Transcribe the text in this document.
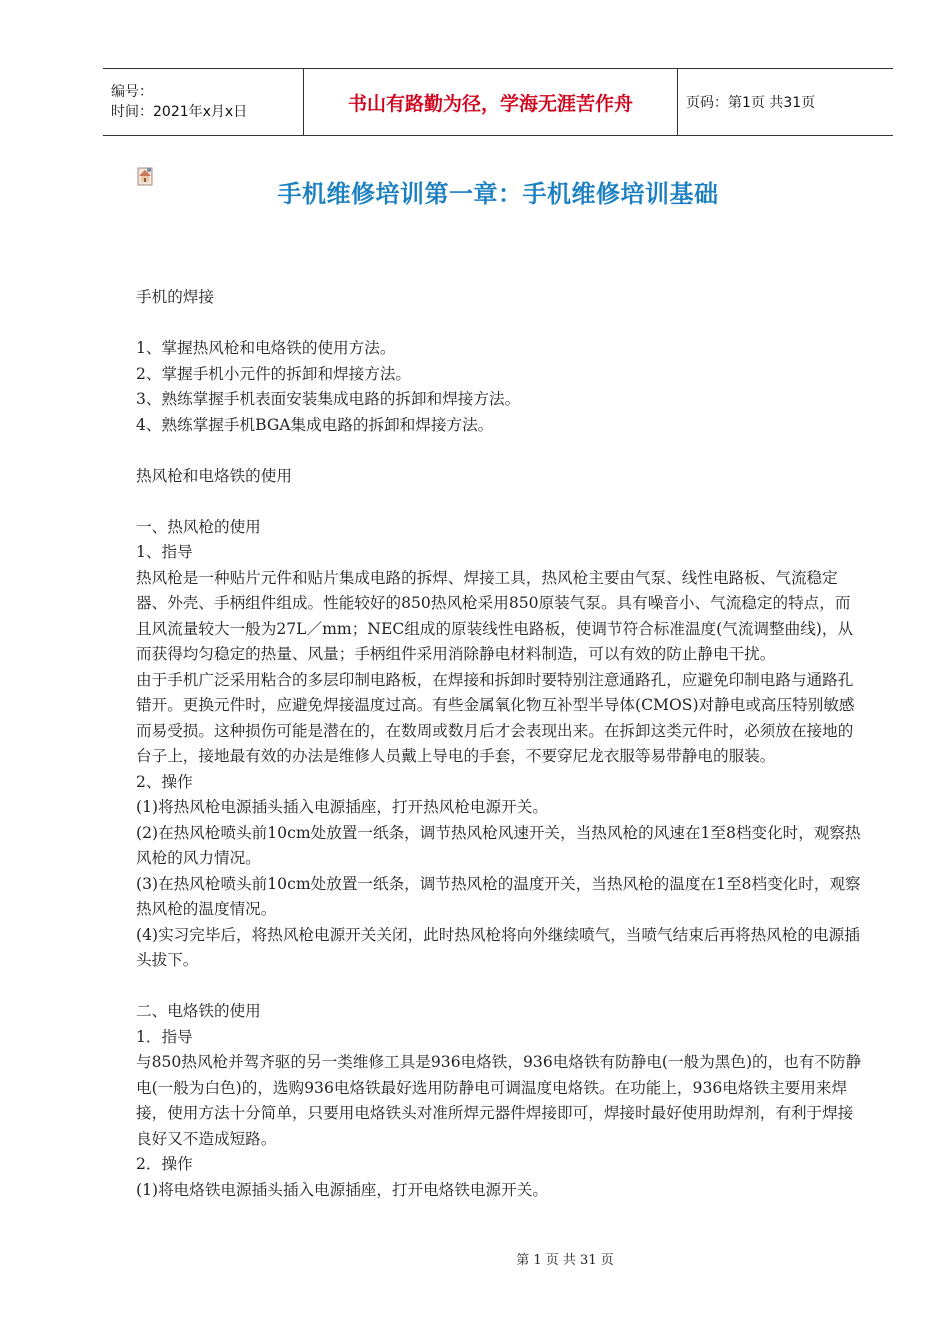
编号：
时间：2021年x月x日	书山有路勤为径，学海无涯苦作舟	页码：第1页 共31页
手机维修培训第一章：手机维修培训基础

手机的焊接

1、掌握热风枪和电烙铁的使用方法。

2、掌握手机小元件的拆卸和焊接方法。

3、熟练掌握手机表面安装集成电路的拆卸和焊接方法。

4、熟练掌握手机BGA集成电路的拆卸和焊接方法。

热风枪和电烙铁的使用

一、热风枪的使用

1、指导

热风枪是一种贴片元件和贴片集成电路的拆焊、焊接工具，热风枪主要由气泵、线性电路板、气流稳定器、外壳、手柄组件组成。性能较好的850热风枪采用850原装气泵。具有噪音小、气流稳定的特点，而且风流量较大一般为27L／mm；NEC组成的原装线性电路板，使调节符合标准温度(气流调整曲线)，从而获得均匀稳定的热量、风量；手柄组件采用消除静电材料制造，可以有效的防止静电干扰。

由于手机广泛采用粘合的多层印制电路板，在焊接和拆卸时要特别注意通路孔，应避免印制电路与通路孔错开。更换元件时，应避免焊接温度过高。有些金属氧化物互补型半导体(CMOS)对静电或高压特别敏感而易受损。这种损伤可能是潜在的，在数周或数月后才会表现出来。在拆卸这类元件时，必须放在接地的台子上，接地最有效的办法是维修人员戴上导电的手套，不要穿尼龙衣服等易带静电的服装。

2、操作

(1)将热风枪电源插头插入电源插座，打开热风枪电源开关。

(2)在热风枪喷头前10cm处放置一纸条，调节热风枪风速开关，当热风枪的风速在1至8档变化时，观察热风枪的风力情况。

(3)在热风枪喷头前10cm处放置一纸条，调节热风枪的温度开关，当热风枪的温度在1至8档变化时，观察热风枪的温度情况。

(4)实习完毕后，将热风枪电源开关关闭，此时热风枪将向外继续喷气，当喷气结束后再将热风枪的电源插头拔下。

二、电烙铁的使用

1．指导

与850热风枪并驾齐驱的另一类维修工具是936电烙铁，936电烙铁有防静电(一般为黑色)的，也有不防静电(一般为白色)的，选购936电烙铁最好选用防静电可调温度电烙铁。在功能上，936电烙铁主要用来焊接，使用方法十分简单，只要用电烙铁头对准所焊元器件焊接即可，焊接时最好使用助焊剂，有利于焊接良好又不造成短路。

2．操作

(1)将电烙铁电源插头插入电源插座，打开电烙铁电源开关。

第 1 页 共 31 页
